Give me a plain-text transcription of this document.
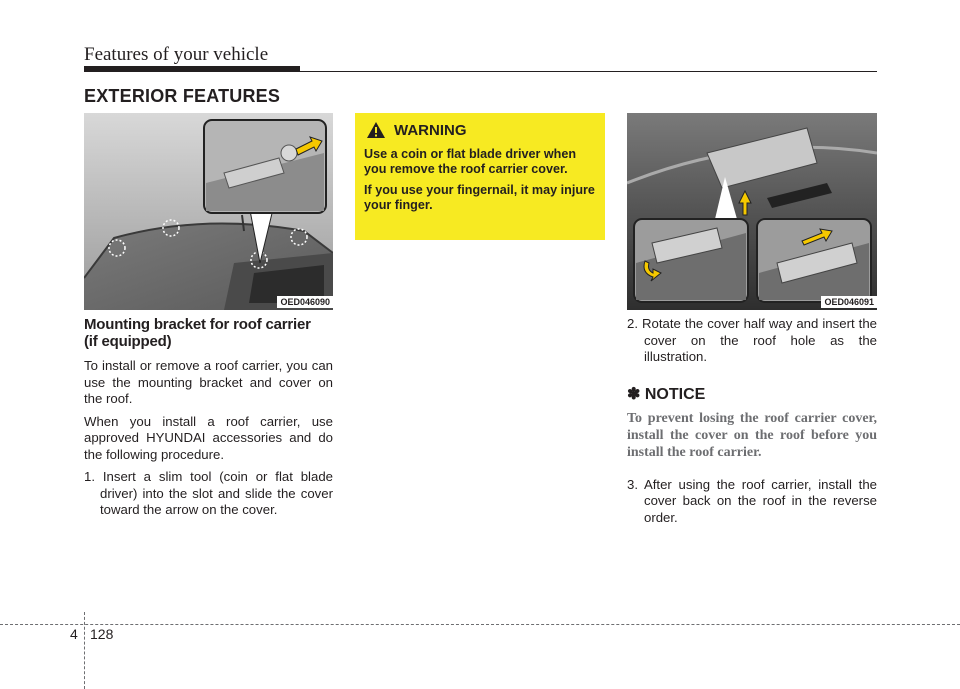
Features of your vehicle
EXTERIOR FEATURES
OED046090
Mounting bracket for roof carrier
(if equipped)

To install or remove a roof carrier, you can use the mounting bracket and cover on the roof.

When you install a roof carrier, use approved HYUNDAI accessories and do the following procedure.

1. Insert a slim tool (coin or flat blade driver) into the slot and slide the cover toward the arrow on the cover.
WARNING

Use a coin or flat blade driver when you remove the roof carrier cover.

If you use your fingernail, it may injure your finger.

OED046091
2. Rotate the cover half way and insert the cover on the roof hole as the illustration.
✽ NOTICE

To prevent losing the roof carrier cover, install the cover on the roof before you install the roof carrier.

3. After using the roof carrier, install the cover back on the roof in the reverse order.
4 128
